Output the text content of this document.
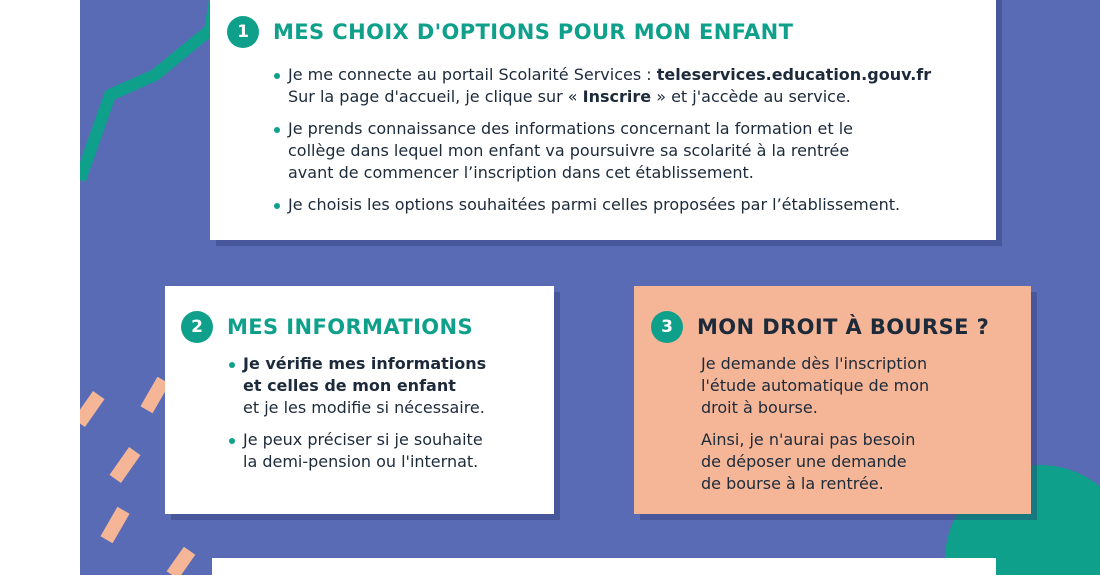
1	MES CHOIX D'OPTIONS POUR MON ENFANT
Je me connecte au portail Scolarité Services : teleservices.education.gouv.fr
Sur la page d'accueil, je clique sur « Inscrire » et j'accède au service.
Je prends connaissance des informations concernant la formation et le
collège dans lequel mon enfant va poursuivre sa scolarité à la rentrée
avant de commencer l’inscription dans cet établissement.
Je choisis les options souhaitées parmi celles proposées par l’établissement.
2	MES INFORMATIONS
Je vérifie mes informations
et celles de mon enfant
et je les modifie si nécessaire.
Je peux préciser si je souhaite
la demi-pension ou l'internat.
3	MON DROIT À BOURSE ?

Je demande dès l'inscription
l'étude automatique de mon
droit à bourse.

Ainsi, je n'aurai pas besoin
de déposer une demande
de bourse à la rentrée.
